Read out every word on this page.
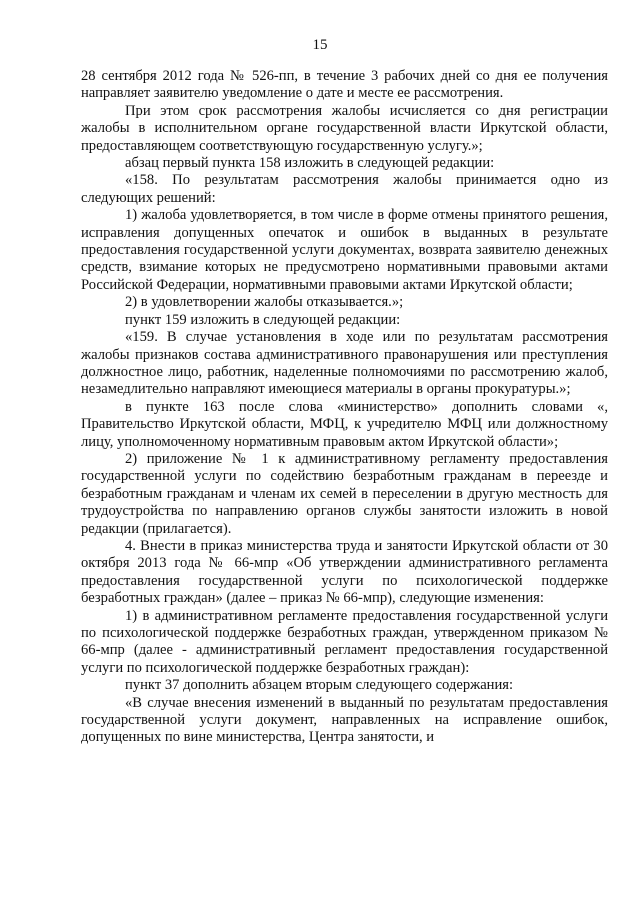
15

28 сентября 2012 года № 526-пп, в течение 3 рабочих дней со дня ее получения направляет заявителю уведомление о дате и месте ее рассмотрения.

При этом срок рассмотрения жалобы исчисляется со дня регистрации жалобы в исполнительном органе государственной власти Иркутской области, предоставляющем соответствующую государственную услугу.»;

абзац первый пункта 158 изложить в следующей редакции:

«158. По результатам рассмотрения жалобы принимается одно из следующих решений:

1) жалоба удовлетворяется, в том числе в форме отмены принятого решения, исправления допущенных опечаток и ошибок в выданных в результате предоставления государственной услуги документах, возврата заявителю денежных средств, взимание которых не предусмотрено нормативными правовыми актами Российской Федерации, нормативными правовыми актами Иркутской области;

2) в удовлетворении жалобы отказывается.»;

пункт 159 изложить в следующей редакции:

«159. В случае установления в ходе или по результатам рассмотрения жалобы признаков состава административного правонарушения или преступления должностное лицо, работник, наделенные полномочиями по рассмотрению жалоб, незамедлительно направляют имеющиеся материалы в органы прокуратуры.»;

в пункте 163 после слова «министерство» дополнить словами «, Правительство Иркутской области, МФЦ, к учредителю МФЦ или должностному лицу, уполномоченному нормативным правовым актом Иркутской области»;

2) приложение № 1 к административному регламенту предоставления государственной услуги по содействию безработным гражданам в переезде и безработным гражданам и членам их семей в переселении в другую местность для трудоустройства по направлению органов службы занятости изложить в новой редакции (прилагается).

4. Внести в приказ министерства труда и занятости Иркутской области от 30 октября 2013 года № 66-мпр «Об утверждении административного регламента предоставления государственной услуги по психологической поддержке безработных граждан» (далее – приказ № 66-мпр), следующие изменения:

1) в административном регламенте предоставления государственной услуги по психологической поддержке безработных граждан, утвержденном приказом № 66-мпр (далее - административный регламент предоставления государственной услуги по психологической поддержке безработных граждан):

пункт 37 дополнить абзацем вторым следующего содержания:

«В случае внесения изменений в выданный по результатам предоставления государственной услуги документ, направленных на исправление ошибок, допущенных по вине министерства, Центра занятости, и
